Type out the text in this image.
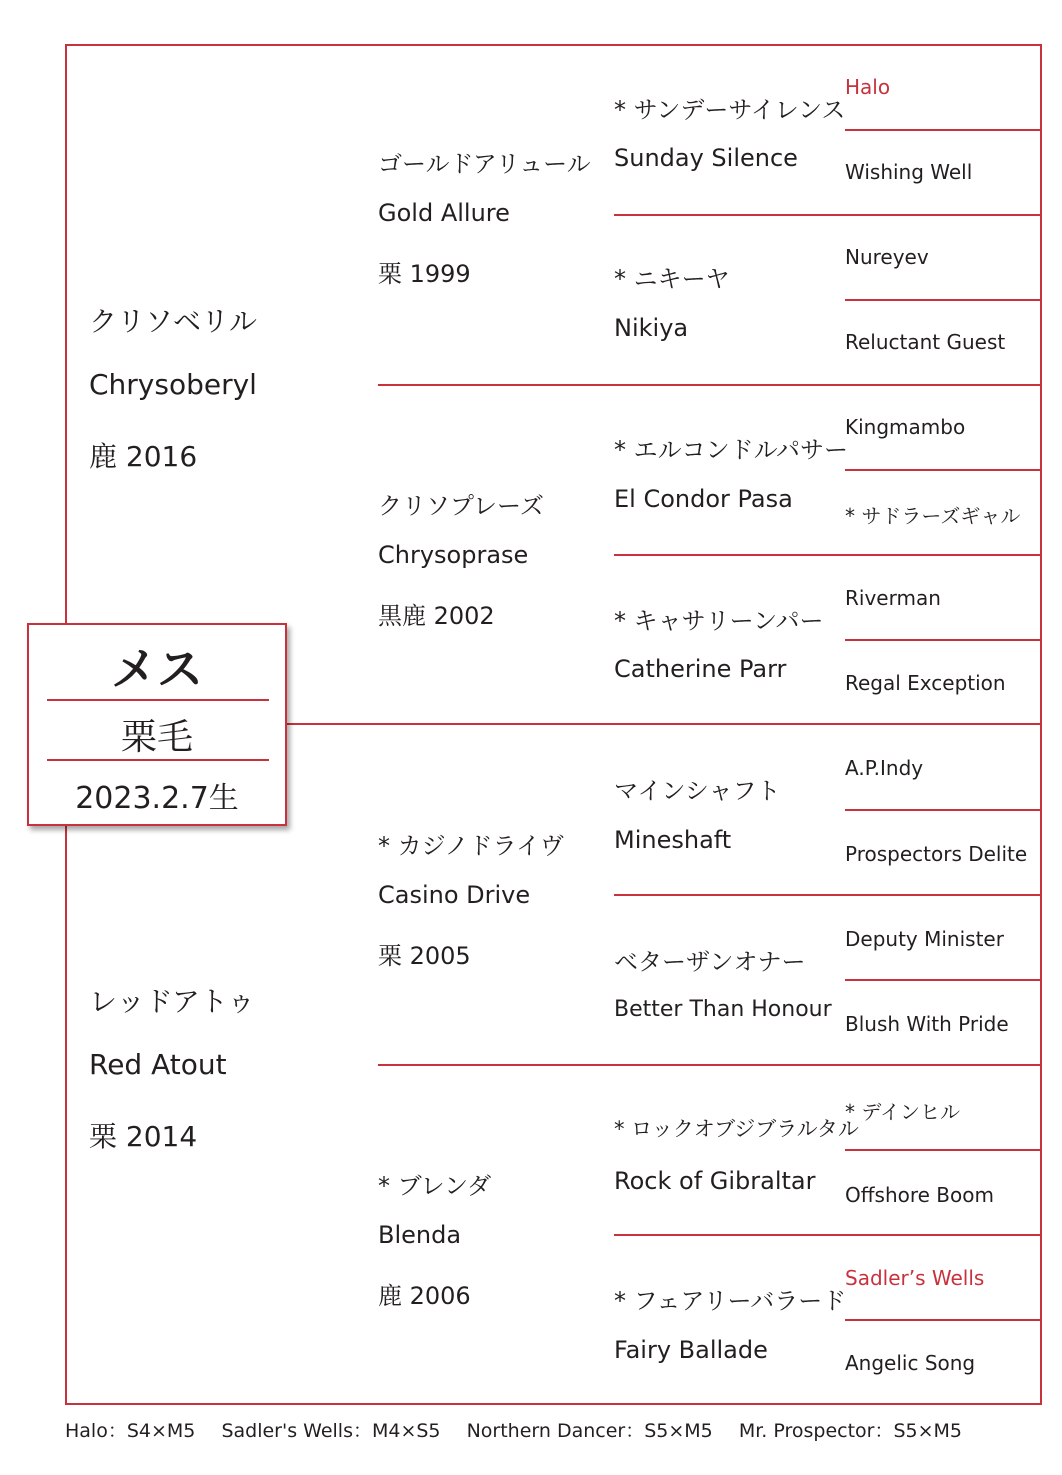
クリソベリル
Chrysoberyl
鹿 2016
レッドアトゥ
Red Atout
栗 2014
ゴールドアリュール
Gold Allure
栗 1999
クリソプレーズ
Chrysoprase
黒鹿 2002
* カジノドライヴ
Casino Drive
栗 2005
* ブレンダ
Blenda
鹿 2006
* サンデーサイレンス
Sunday Silence
* ニキーヤ
Nikiya
* エルコンドルパサー
El Condor Pasa
* キャサリーンパー
Catherine Parr
マインシャフト
Mineshaft
ベターザンオナー
Better Than Honour
* ロックオブジブラルタル
Rock of Gibraltar
* フェアリーバラード
Fairy Ballade
Halo
Wishing Well
Nureyev
Reluctant Guest
Kingmambo
* サドラーズギャル
Riverman
Regal Exception
A.P.Indy
Prospectors Delite
Deputy Minister
Blush With Pride
* デインヒル
Offshore Boom
Sadler’s Wells
Angelic Song
メス
栗毛
2023.2.7生
Halo：S4×M5 Sadler's Wells：M4×S5 Northern Dancer：S5×M5 Mr. Prospector：S5×M5
